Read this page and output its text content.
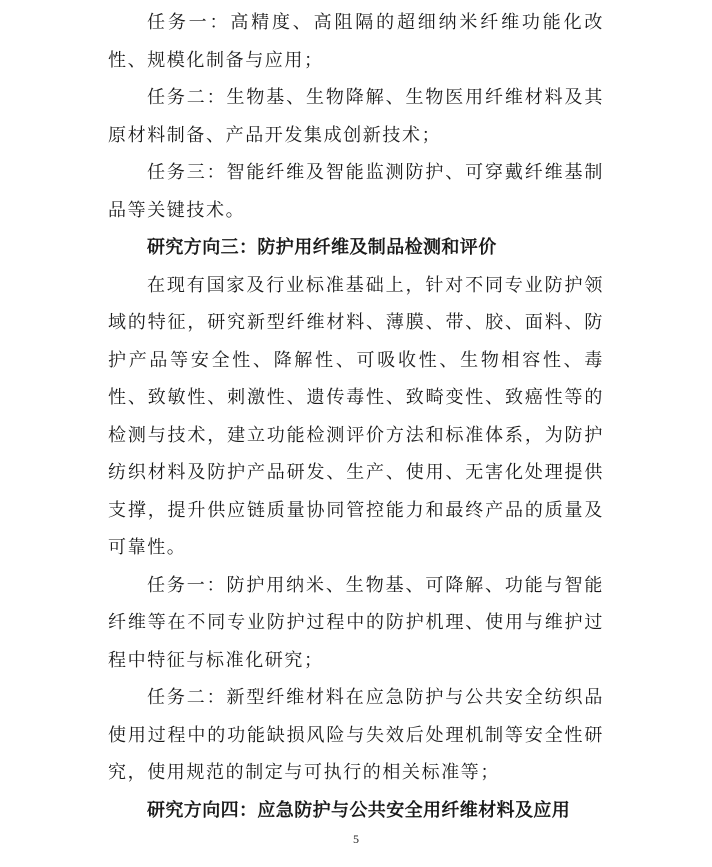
任务一：高精度、高阻隔的超细纳米纤维功能化改性、规模化制备与应用；

任务二：生物基、生物降解、生物医用纤维材料及其原材料制备、产品开发集成创新技术；

任务三：智能纤维及智能监测防护、可穿戴纤维基制品等关键技术。

研究方向三：防护用纤维及制品检测和评价

在现有国家及行业标准基础上，针对不同专业防护领域的特征，研究新型纤维材料、薄膜、带、胶、面料、防护产品等安全性、降解性、可吸收性、生物相容性、毒性、致敏性、刺激性、遗传毒性、致畸变性、致癌性等的检测与技术，建立功能检测评价方法和标准体系，为防护纺织材料及防护产品研发、生产、使用、无害化处理提供支撑，提升供应链质量协同管控能力和最终产品的质量及可靠性。

任务一：防护用纳米、生物基、可降解、功能与智能纤维等在不同专业防护过程中的防护机理、使用与维护过程中特征与标准化研究；

任务二：新型纤维材料在应急防护与公共安全纺织品使用过程中的功能缺损风险与失效后处理机制等安全性研究，使用规范的制定与可执行的相关标准等；

研究方向四：应急防护与公共安全用纤维材料及应用

5
